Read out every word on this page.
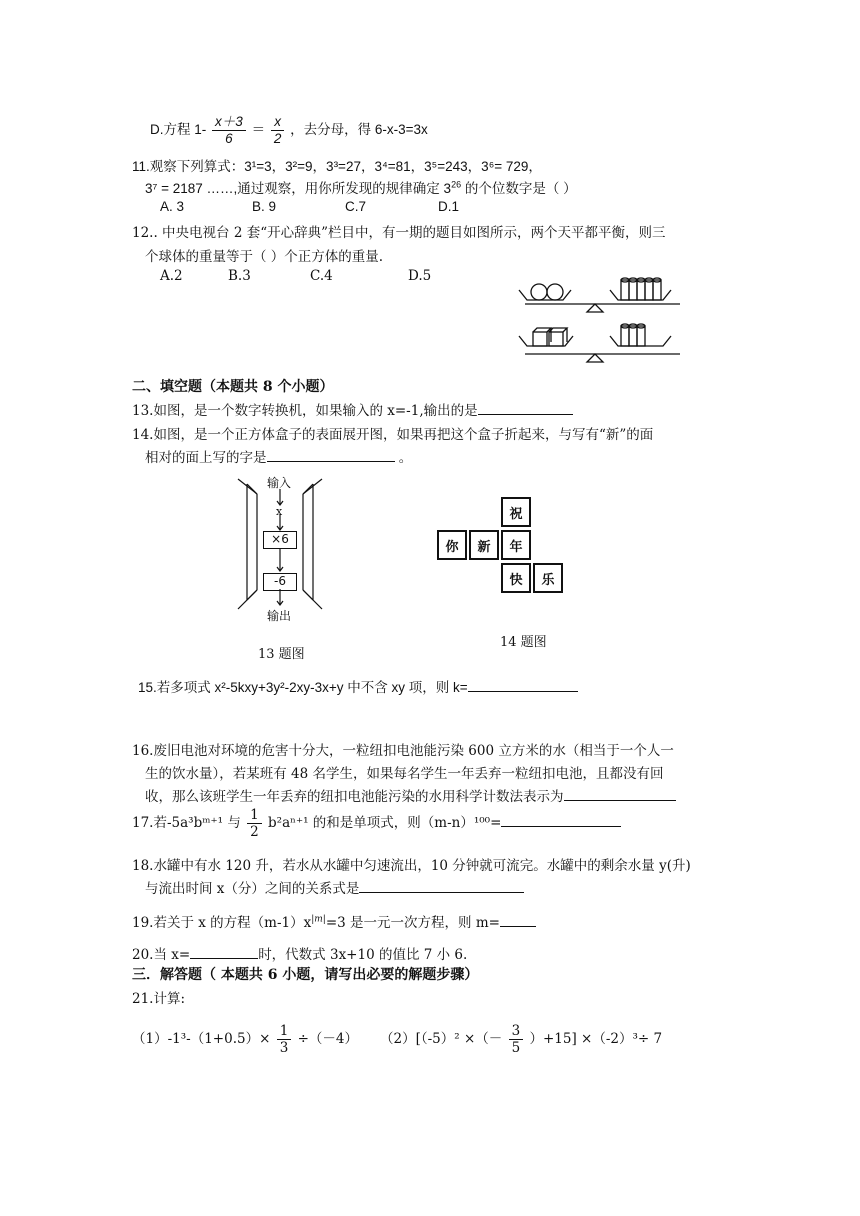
D.方程 $1- \frac{x+3}{6} = \frac{x}{2}$ ，去分母，得 6-x-3=3x
11.观察下列算式：3¹=3，3²=9，3³=27，3⁴=81，3⁵=243，3⁶= 729，
3⁷ = 2187 ……,通过观察，用你所发现的规律确定 $3^{26}$ 的个位数字是（ ）
A. 3	B. 9	C.7	D.1
12.. 中央电视台 2 套“开心辞典”栏目中，有一期的题目如图所示，两个天平都平衡，则三
个球体的重量等于（ ）个正方体的重量.
A.2	B.3	C.4	D.5
二、填空题（本题共 8 个小题）
13.如图，是一个数字转换机，如果输入的 x=-1,输出的是
14.如图，是一个正方体盒子的表面展开图，如果再把这个盒子折起来，与写有“新”的面
相对的面上写的字是	。
输入
x
×6
-6
输出
13 题图
祝
你	新	年
快	乐
14 题图
15.若多项式 x²-5kxy+3y²-2xy-3x+y 中不含 xy 项，则 k=
16.废旧电池对环境的危害十分大，一粒纽扣电池能污染 600 立方米的水（相当于一个人一
生的饮水量），若某班有 48 名学生，如果每名学生一年丢弃一粒纽扣电池，且都没有回
收，那么该班学生一年丢弃的纽扣电池能污染的水用科学计数法表示为
17.若-5a³bᵐ⁺¹ 与 $\frac{1}{2} b^2a^{n+1}$ 的和是单项式，则（m-n）¹⁰⁰=
18.水罐中有水 120 升，若水从水罐中匀速流出，10 分钟就可流完。水罐中的剩余水量 y(升)
与流出时间 x（分）之间的关系式是
19.若关于 x 的方程$(m-1)x^{|m|}=3$ 是一元一次方程，则 m=
20.当 x=	时，代数式 3x+10 的值比 7 小 6.
三．解答题（ 本题共 6 小题，请写出必要的解题步骤）
21.计算:
$(1)-1^3-(1+0.5)\times \frac{1}{3} \div(-4)$ （2）[（-5）² ×（－ $\frac{3}{5} )+15] \times(-2)^3\div 7$
